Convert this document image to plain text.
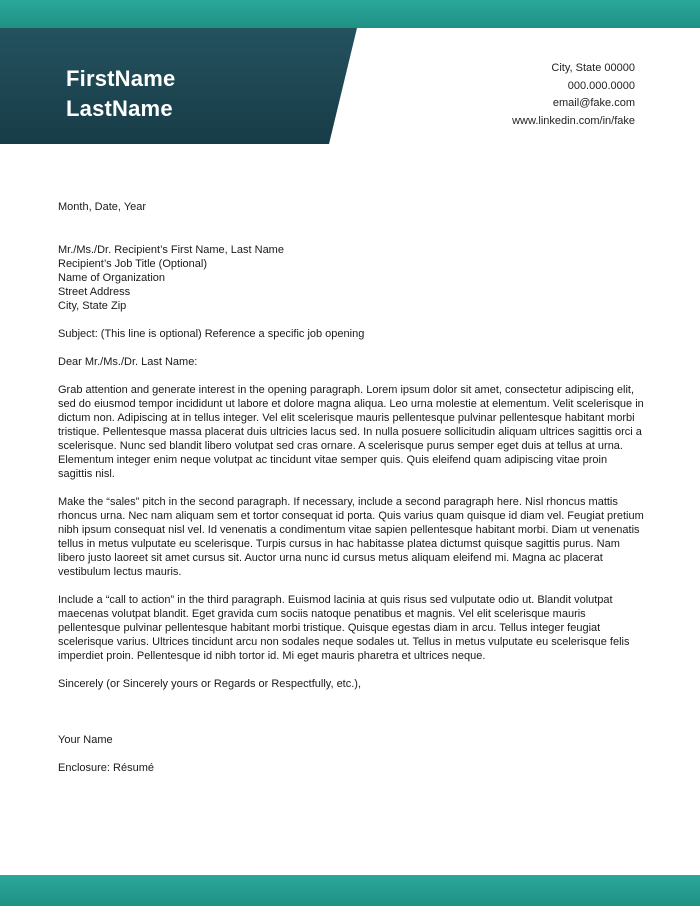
FirstName
LastName
City, State 00000
000.000.0000
email@fake.com
www.linkedin.com/in/fake

Month, Date, Year

Mr./Ms./Dr. Recipient’s First Name, Last Name

Recipient’s Job Title (Optional)

Name of Organization

Street Address

City, State Zip

Subject: (This line is optional) Reference a specific job opening

Dear Mr./Ms./Dr. Last Name:

Grab attention and generate interest in the opening paragraph. Lorem ipsum dolor sit amet, consectetur adipiscing elit, sed do eiusmod tempor incididunt ut labore et dolore magna aliqua. Leo urna molestie at elementum. Velit scelerisque in dictum non. Adipiscing at in tellus integer. Vel elit scelerisque mauris pellentesque pulvinar pellentesque habitant morbi tristique. Pellentesque massa placerat duis ultricies lacus sed. In nulla posuere sollicitudin aliquam ultrices sagittis orci a scelerisque. Nunc sed blandit libero volutpat sed cras ornare. A scelerisque purus semper eget duis at tellus at urna. Elementum integer enim neque volutpat ac tincidunt vitae semper quis. Quis eleifend quam adipiscing vitae proin sagittis nisl.

Make the “sales” pitch in the second paragraph. If necessary, include a second paragraph here. Nisl rhoncus mattis rhoncus urna. Nec nam aliquam sem et tortor consequat id porta. Quis varius quam quisque id diam vel. Feugiat pretium nibh ipsum consequat nisl vel. Id venenatis a condimentum vitae sapien pellentesque habitant morbi. Diam ut venenatis tellus in metus vulputate eu scelerisque. Turpis cursus in hac habitasse platea dictumst quisque sagittis purus. Nam libero justo laoreet sit amet cursus sit. Auctor urna nunc id cursus metus aliquam eleifend mi. Magna ac placerat vestibulum lectus mauris.

Include a “call to action” in the third paragraph. Euismod lacinia at quis risus sed vulputate odio ut. Blandit volutpat maecenas volutpat blandit. Eget gravida cum sociis natoque penatibus et magnis. Vel elit scelerisque mauris pellentesque pulvinar pellentesque habitant morbi tristique. Quisque egestas diam in arcu. Tellus integer feugiat scelerisque varius. Ultrices tincidunt arcu non sodales neque sodales ut. Tellus in metus vulputate eu scelerisque felis imperdiet proin. Pellentesque id nibh tortor id. Mi eget mauris pharetra et ultrices neque.

Sincerely (or Sincerely yours or Regards or Respectfully, etc.),

Your Name

Enclosure: Résumé
